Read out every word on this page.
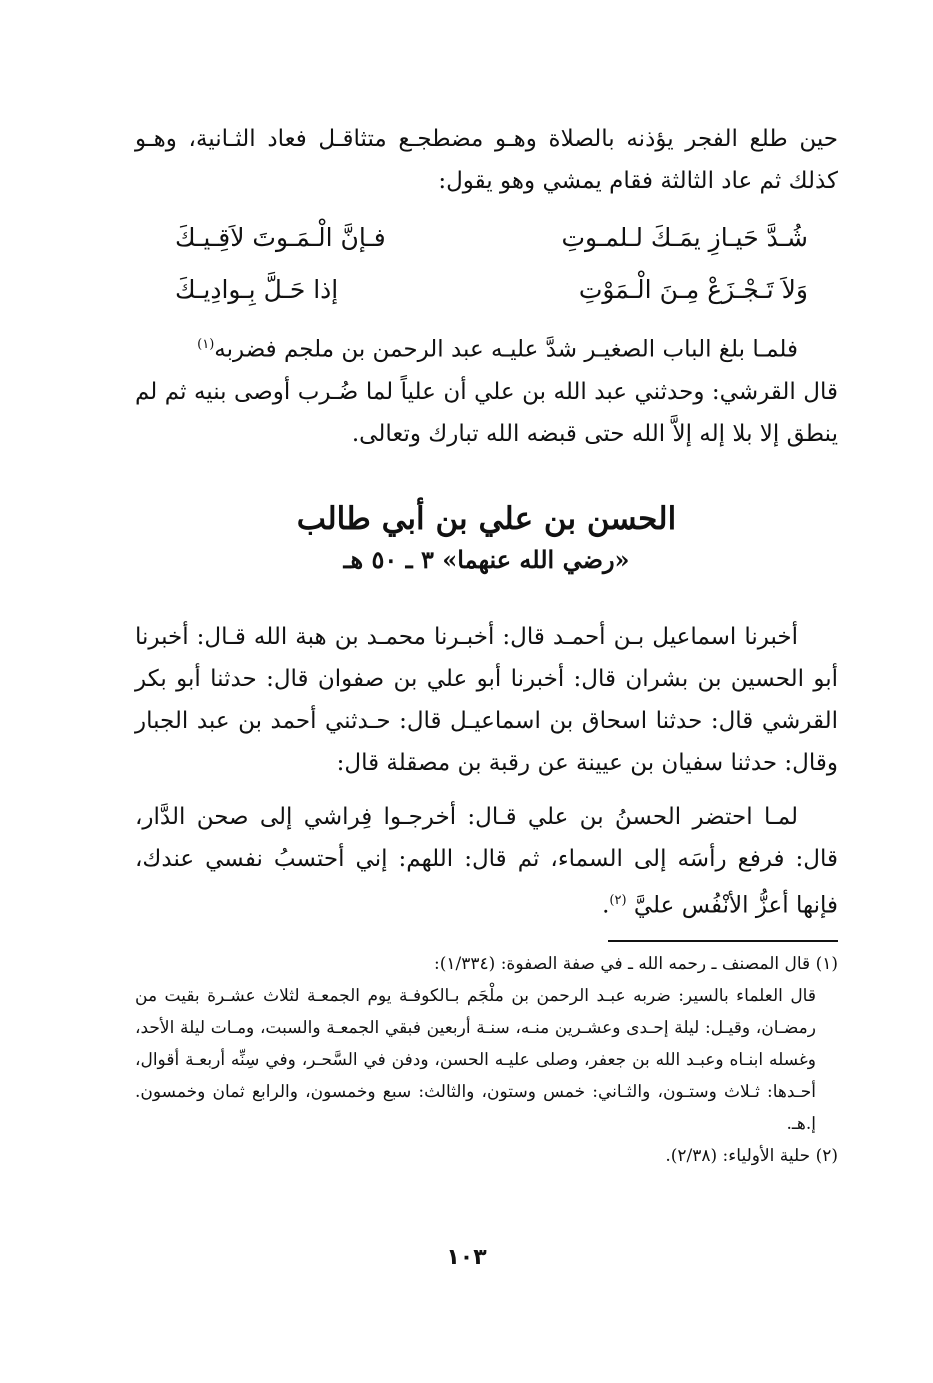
حين طلع الفجر يؤذنه بالصلاة وهـو مضطجـع متثاقـل فعاد الثـانية، وهـو كذلك ثم عاد الثالثة فقام يمشي وهو يقول:

شُـدَّ حَيـازِ يمَـكَ لـلمـوتِ
فـإنَّ الْـمَـوتَ لاَقِـيـكَ
وَلاَ تَـجْـزَعْ مِـنَ الْـمَوْتِ
إذا حَـلَّ بِـوادِيـكَ

فلمـا بلغ الباب الصغيـر شدَّ عليـه عبد الرحمن بن ملجم فضربه$^{(١)}$

قال القرشي: وحدثني عبد الله بن علي أن علياً لما ضُـرب أوصى بنيه ثم لم ينطق إلا بلا إله إلاَّ الله حتى قبضه الله تبارك وتعالى.

الحسن بن علي بن أبي طالب
«رضي الله عنهما» ٣ ـ ٥٠ هـ

أخبرنا اسماعيل بـن أحمـد قال: أخبـرنا محمـد بن هبة الله قـال: أخبرنا أبو الحسين بن بشران قال: أخبرنا أبو علي بن صفوان قال: حدثنا أبو بكر القرشي قال: حدثنا اسحاق بن اسماعيـل قال: حـدثني أحمد بن عبد الجبار وقال: حدثنا سفيان بن عيينة عن رقبة بن مصقلة قال:

لمـا احتضر الحسنُ بن علي قـال: أخرجـوا فِراشي إلى صحن الدَّار، قال: فرفع رأسَه إلى السماء، ثم قال: اللهم: إني أحتسبُ نفسي عندك، فإنها أعزُّ الأنْفُس عليَّ $^{(٢)}$.

(١) قال المصنف ـ رحمه الله ـ في صفة الصفوة: (١/٣٣٤):

قال العلماء بالسير: ضربه عبـد الرحمن بن ملْجَم بـالكوفـة يوم الجمعـة لثلاث عشـرة بقيت من رمضـان، وقيـل: ليلة إحـدى وعشـرين منـه، سنـة أربعين فبقي الجمعـة والسبت، ومـات ليلة الأحد، وغسله ابنـاه وعبـد الله بن جعفر، وصلى عليـه الحسن، ودفن في السَّحـر، وفي سِنِّه أربعـة أقوال، أحـدها: ثـلاث وستـون، والثـاني: خمس وستون، والثالث: سبع وخمسون، والرابع ثمان وخمسون. إ.هـ.

(٢) حلية الأولياء: (٢/٣٨).

١٠٣
